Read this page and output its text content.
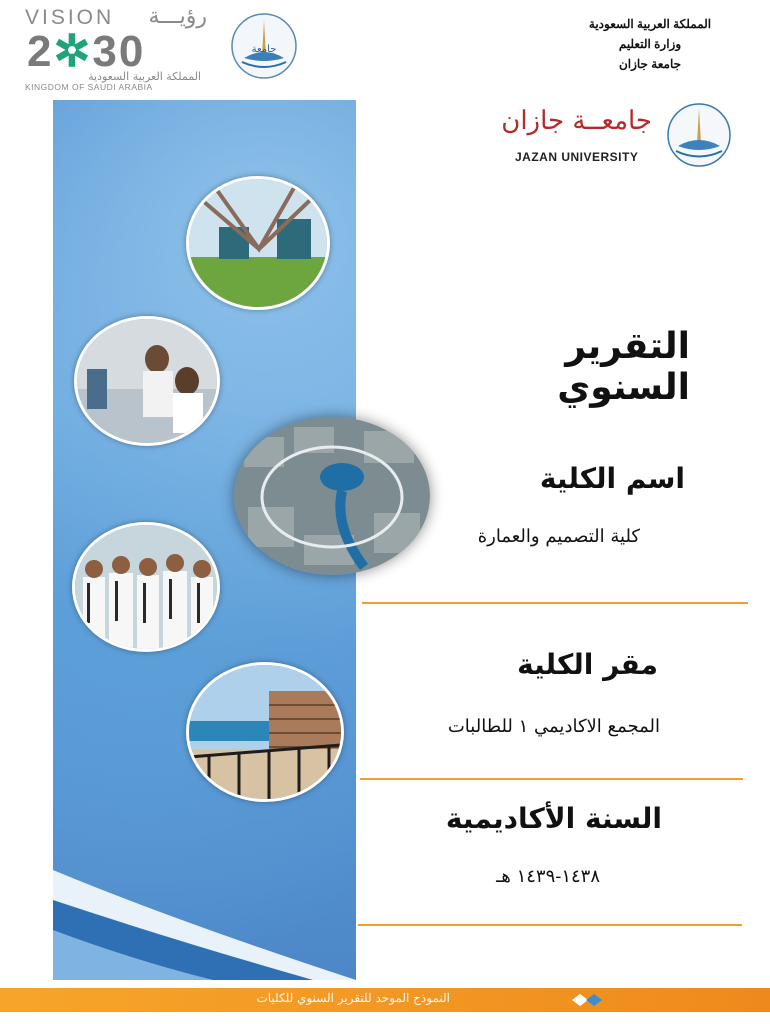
VISION رؤيـــة
2✲30
المملكة العربية السعودية
KINGDOM OF SAUDI ARABIA
جامعة
المملكة العربية السعودية
وزارة التعليم
جامعة جازان
جامعــة جازان
JAZAN UNIVERSITY
التقرير السنوي
اسم الكلية
كلية التصميم والعمارة
مقر الكلية
المجمع الاكاديمي ١ للطالبات
السنة الأكاديمية
١٤٣٨-١٤٣٩ هـ
النموذج الموحد للتقرير السنوي للكليات
